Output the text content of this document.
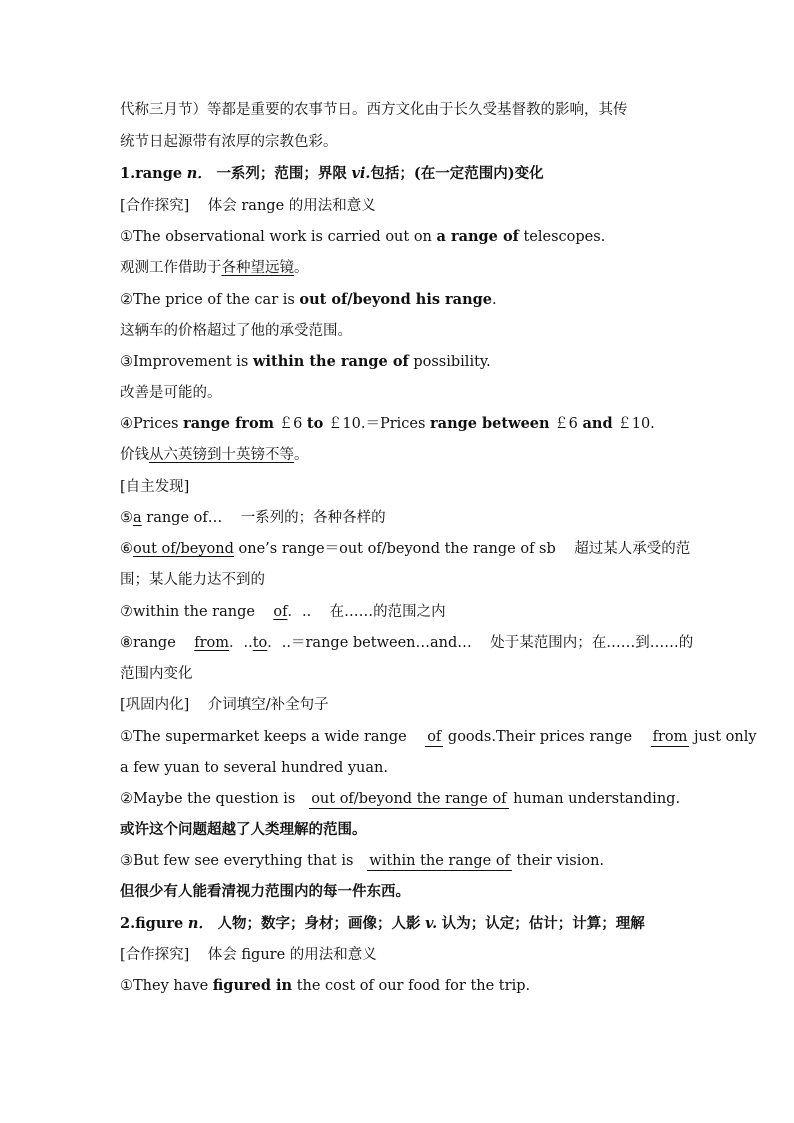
代称三月节）等都是重要的农事节日。西方文化由于长久受基督教的影响，其传
统节日起源带有浓厚的宗教色彩。
1.range n． 一系列；范围；界限 vi.包括；(在一定范围内)变化
[合作探究] 体会 range 的用法和意义
①The observational work is carried out on a range of telescopes.
观测工作借助于各种望远镜。
②The price of the car is out of/beyond his range.
这辆车的价格超过了他的承受范围。
③Improvement is within the range of possibility.
改善是可能的。
④Prices range from ￡6 to ￡10.＝Prices range between ￡6 and ￡10.
价钱从六英镑到十英镑不等。
[自主发现]
⑤a range of… 一系列的；各种各样的
⑥out of/beyond one’s range＝out of/beyond the range of sb 超过某人承受的范
围；某人能力达不到的
⑦within the range of．.. 在……的范围之内
⑧range from．..to．..＝range between…and… 处于某范围内；在……到……的
范围内变化
[巩固内化] 介词填空/补全句子
①The supermarket keeps a wide range of goods.Their prices range from just only
a few yuan to several hundred yuan.
②Maybe the question is out of/beyond the range of human understanding.
或许这个问题超越了人类理解的范围。
③But few see everything that is within the range of their vision.
但很少有人能看清视力范围内的每一件东西。
2.figure n． 人物；数字；身材；画像；人影 v. 认为；认定；估计；计算；理解
[合作探究] 体会 figure 的用法和意义
①They have figured in the cost of our food for the trip.
